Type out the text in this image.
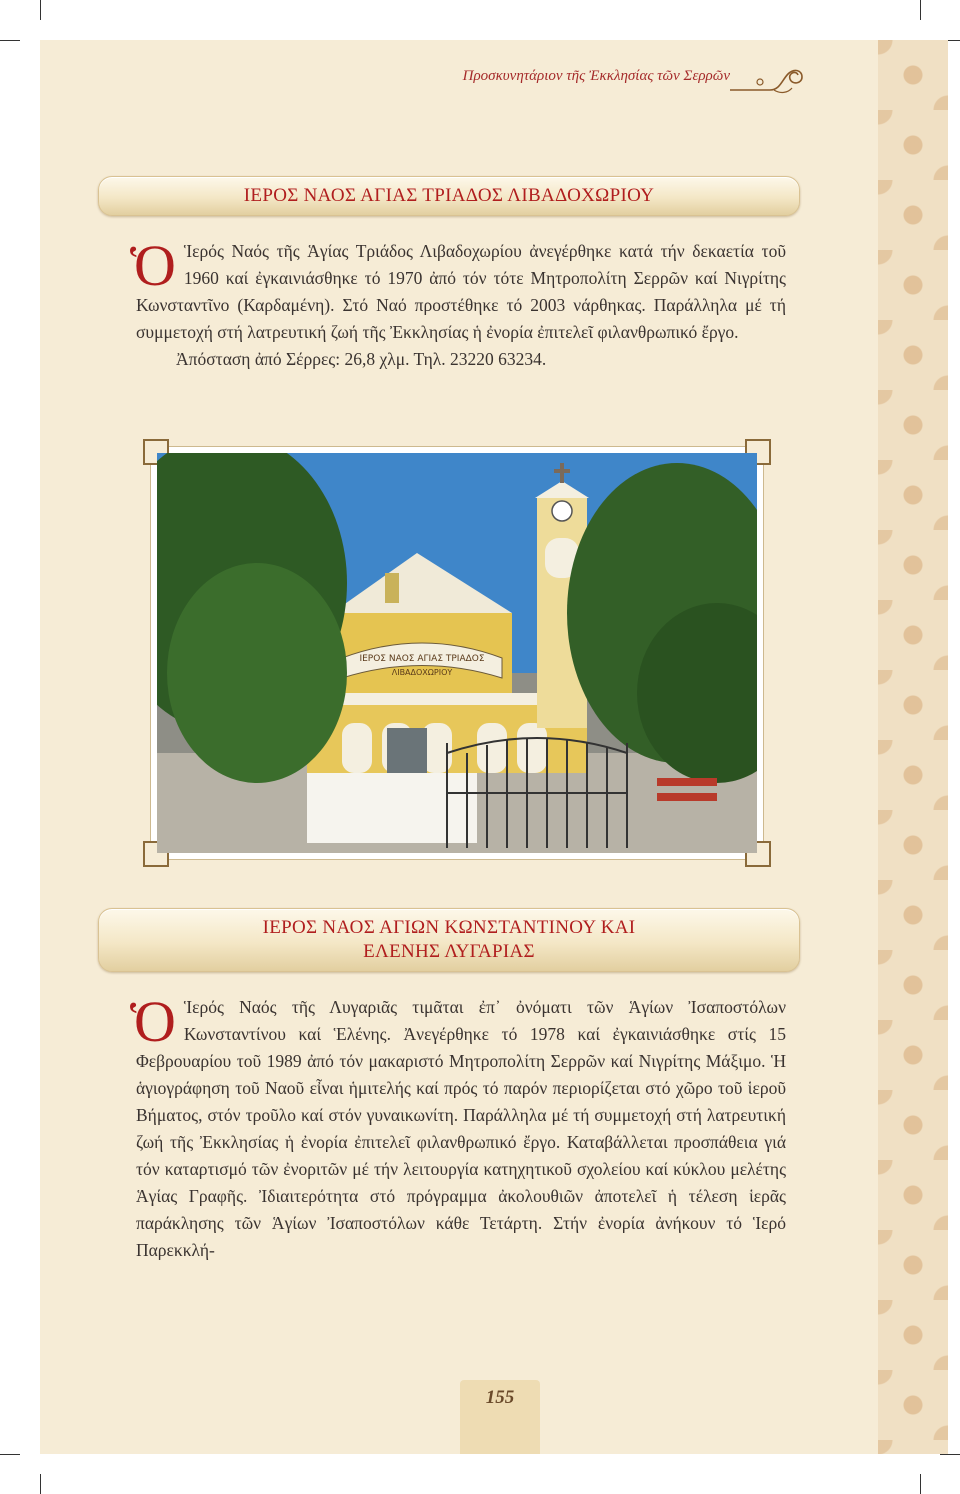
Προσκυνητάριον τῆς Ἐκκλησίας τῶν Σερρῶν
ΙΕΡΟΣ ΝΑΟΣ ΑΓΙΑΣ ΤΡΙΑΔΟΣ ΛΙΒΑΔΟΧΩΡΙΟΥ
Ὁ Ἱερός Ναός τῆς Ἁγίας Τριάδος Λιβαδοχωρίου ἀνεγέρθηκε κατά τήν δεκαετία τοῦ 1960 καί ἐγκαινιάσθηκε τό 1970 ἀπό τόν τότε Μητροπολίτη Σερρῶν καί Νιγρίτης Κωνσταντῖνο (Καρδαμένη). Στό Ναό προστέθηκε τό 2003 νάρθηκας. Παράλληλα μέ τή συμμετοχή στή λατρευτική ζωή τῆς Ἐκκλησίας ἡ ἐνορία ἐπιτελεῖ φιλανθρωπικό ἔργο.
Ἀπόσταση ἀπό Σέρρες: 26,8 χλμ. Τηλ. 23220 63234.
ΙΕΡΟΣ ΝΑΟΣ ΑΓΙΑΣ ΤΡΙΑΔΟΣ
ΛΙΒΑΔΟΧΩΡΙΟΥ
ΙΕΡΟΣ ΝΑΟΣ ΑΓΙΩΝ ΚΩΝΣΤΑΝΤΙΝΟΥ ΚΑΙ
ΕΛΕΝΗΣ ΛΥΓΑΡΙΑΣ
Ὁ Ἱερός Ναός τῆς Λυγαριᾶς τιμᾶται ἐπ᾽ ὀνόματι τῶν Ἁγίων Ἰσαποστόλων Κωνσταντίνου καί Ἑλένης. Ἀνεγέρθηκε τό 1978 καί ἐγκαινιάσθηκε στίς 15 Φεβρουαρίου τοῦ 1989 ἀπό τόν μακαριστό Μητροπολίτη Σερρῶν καί Νιγρίτης Μάξιμο. Ἡ ἁγιογράφηση τοῦ Ναοῦ εἶναι ἡμιτελής καί πρός τό παρόν περιορίζεται στό χῶρο τοῦ ἱεροῦ Βήματος, στόν τροῦλο καί στόν γυναικωνίτη. Παράλληλα μέ τή συμμετοχή στή λατρευτική ζωή τῆς Ἐκκλησίας ἡ ἐνορία ἐπιτελεῖ φιλανθρωπικό ἔργο. Καταβάλλεται προσπάθεια γιά τόν καταρτισμό τῶν ἐνοριτῶν μέ τήν λειτουργία κατηχητικοῦ σχολείου καί κύκλου μελέτης Ἁγίας Γραφῆς. Ἰδιαιτερότητα στό πρόγραμμα ἀκολουθιῶν ἀποτελεῖ ἡ τέλεση ἱερᾶς παράκλησης τῶν Ἁγίων Ἰσαποστόλων κάθε Τετάρτη. Στήν ἐνορία ἀνήκουν τό Ἱερό Παρεκκλή-
155
